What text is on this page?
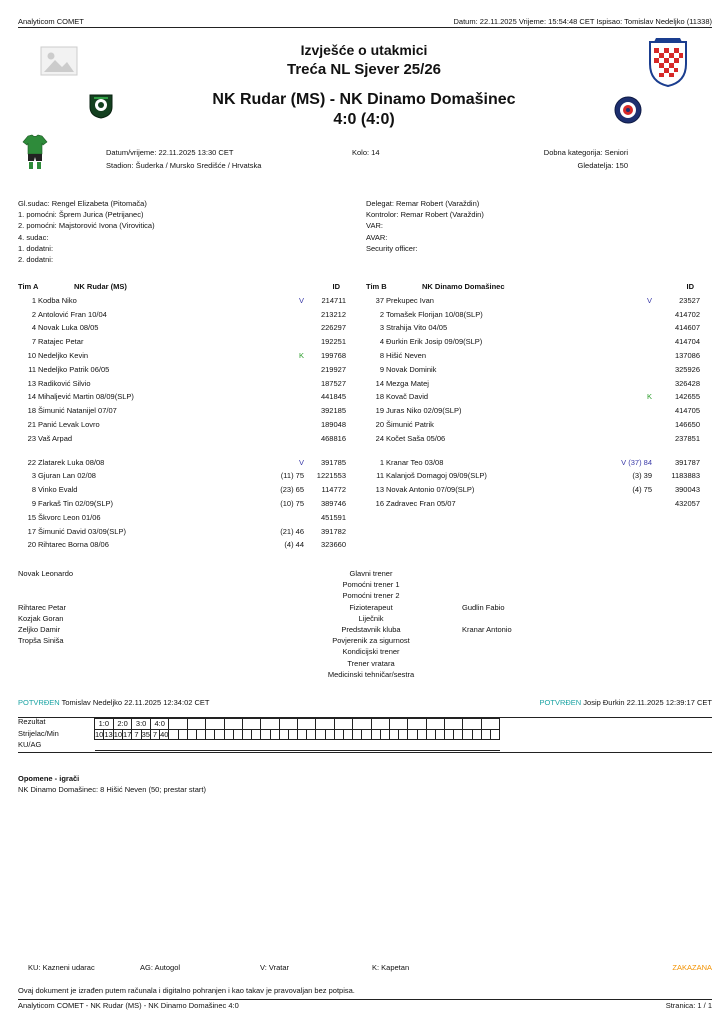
Analyticom COMET	Datum: 22.11.2025 Vrijeme: 15:54:48 CET Ispisao: Tomislav Nedeljko (11338)
Izvješće o utakmici
Treća NL Sjever 25/26
NK Rudar (MS) - NK Dinamo Domašinec
4:0 (4:0)
Datum/vrijeme: 22.11.2025 13:30 CET
Stadion: Šuderka / Mursko Središće / Hrvatska
Kolo: 14	Dobna kategorija: Seniori
Gledatelja: 150
Gl.sudac: Rengel Elizabeta (Pitomača)
1. pomoćni: Šprem Jurica (Petrijanec)
2. pomoćni: Majstorović Ivona (Virovitica)
4. sudac:
1. dodatni:
2. dodatni:
Delegat: Remar Robert (Varaždin)
Kontrolor: Remar Robert (Varaždin)
VAR:
AVAR:
Security officer:
Tim A	NK Rudar (MS)	ID
1 Kodba Niko	V 214711
2 Antolović Fran 10/04	213212
4 Novak Luka 08/05	226297
7 Ratajec Petar	192251
10 Nedeljko Kevin	K 199768
11 Nedeljko Patrik 06/05	219927
13 Radiković Silvio	187527
14 Mihaljević Martin 08/09(SLP)	441845
18 Šimunić Natanijel 07/07	392185
21 Panić Levak Lovro	189048
23 Vaš Arpad	468816
22 Zlatarek Luka 08/08	V 391785
3 Gjuran Lan 02/08	(11) 75 1221553
8 Vinko Evald	(23) 65 114772
9 Farkaš Tin 02/09(SLP)	(10) 75 389746
15 Škvorc Leon 01/06	451591
17 Šimunić David 03/09(SLP)	(21) 46 391782
20 Rihtarec Borna 08/06	(4) 44 323660
Tim B	NK Dinamo Domašinec	ID
37 Prekupec Ivan	V	23527
2 Tomašek Florijan 10/08(SLP)	414702
3 Strahija Vito 04/05	414607
4 Đurkin Erik Josip 09/09(SLP)	414704
8 Hišić Neven	137086
9 Novak Dominik	325926
14 Mezga Matej	326428
18 Kovač David	K	142655
19 Juras Niko 02/09(SLP)	414705
20 Šimunić Patrik	146650
24 Kočet Saša 05/06	237851
1 Kranar Teo 03/08	V (37) 84	391787
11 Kalanjoš Domagoj 09/09(SLP)	(3) 39	1183883
13 Novak Antonio 07/09(SLP)	(4) 75	390043
16 Zadravec Fran 05/07	432057
Novak Leonardo	Glavni trener
Pomoćni trener 1
Pomoćni trener 2
Rihtarec Petar	Fizioterapeut	Gudlin Fabio
Kozjak Goran	Liječnik
Zeljko Damir	Predstavnik kluba	Kranar Antonio
Tropša Siniša	Povjerenik za sigurnost
Kondicijski trener
Trener vratara
Medicinski tehničar/sestra
POTVRĐEN Tomislav Nedeljko 22.11.2025 12:34:02 CET	POTVRĐEN Josip Đurkin 22.11.2025 12:39:17 CET
Rezultat
Strijelac/Min
KU/AG
1:0		2:0		3:0		4:0																																					
10	13	10	17	7	35	7	40																																				

Opomene - igrači
NK Dinamo Domašinec: 8 Hišić Neven (50; prestar start)
KU: Kazneni udarac	AG: Autogol	V: Vratar	K: Kapetan	ZAKAZANA
Ovaj dokument je izrađen putem računala i digitalno pohranjen i kao takav je pravovaljan bez potpisa.
Analyticom COMET - NK Rudar (MS) - NK Dinamo Domašinec 4:0	Stranica: 1 / 1
